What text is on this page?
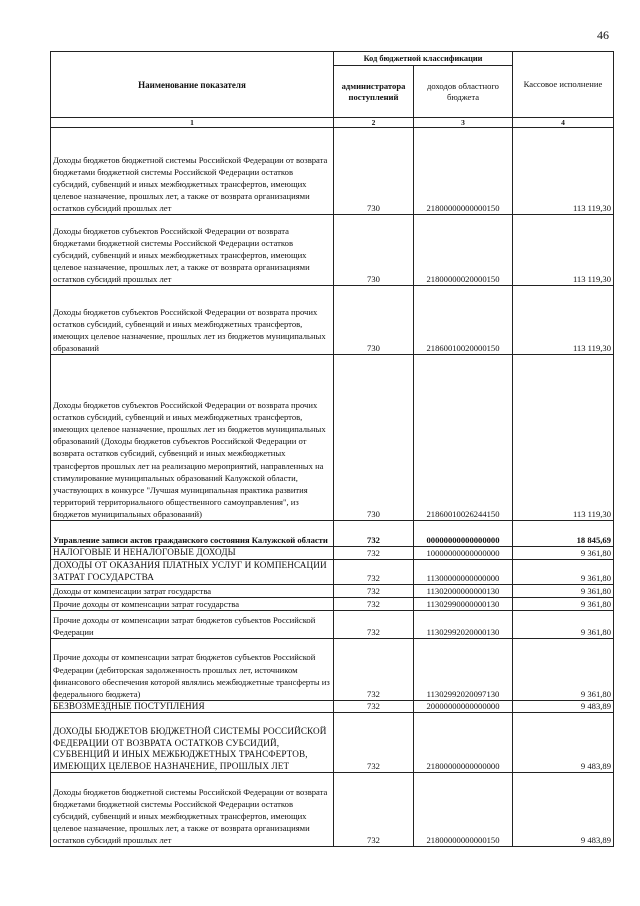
46
Наименование показателя	Код бюджетной классификации		Кассовое исполнение
	администратора поступлений	доходов областного бюджета	
1	2	3	4
Доходы бюджетов бюджетной системы Российской Федерации от возврата бюджетами бюджетной системы Российской Федерации остатков субсидий, субвенций и иных межбюджетных трансфертов, имеющих целевое назначение, прошлых лет, а также от возврата организациями остатков субсидий прошлых лет	730	21800000000000150	113 119,30
Доходы бюджетов субъектов Российской Федерации от возврата бюджетами бюджетной системы Российской Федерации остатков субсидий, субвенций и иных межбюджетных трансфертов, имеющих целевое назначение, прошлых лет, а также от возврата организациями остатков субсидий прошлых лет	730	21800000020000150	113 119,30
Доходы бюджетов субъектов Российской Федерации от возврата прочих остатков субсидий, субвенций и иных межбюджетных трансфертов, имеющих целевое назначение, прошлых лет из бюджетов муниципальных образований	730	21860010020000150	113 119,30
Доходы бюджетов субъектов Российской Федерации от возврата прочих остатков субсидий, субвенций и иных межбюджетных трансфертов, имеющих целевое назначение, прошлых лет из бюджетов муниципальных образований (Доходы бюджетов субъектов Российской Федерации от возврата остатков субсидий, субвенций и иных межбюджетных трансфертов прошлых лет на реализацию мероприятий, направленных на стимулирование муниципальных образований Калужской области, участвующих в конкурсе "Лучшая муниципальная практика развития территорий территориального общественного самоуправления", из бюджетов муниципальных образований)	730	21860010026244150	113 119,30
Управление записи актов гражданского состояния Калужской области	732	00000000000000000	18 845,69
НАЛОГОВЫЕ И НЕНАЛОГОВЫЕ ДОХОДЫ	732	10000000000000000	9 361,80
ДОХОДЫ ОТ ОКАЗАНИЯ ПЛАТНЫХ УСЛУГ И КОМПЕНСАЦИИ ЗАТРАТ ГОСУДАРСТВА	732	11300000000000000	9 361,80
Доходы от компенсации затрат государства	732	11302000000000130	9 361,80
Прочие доходы от компенсации затрат государства	732	11302990000000130	9 361,80
Прочие доходы от компенсации затрат бюджетов субъектов Российской Федерации	732	11302992020000130	9 361,80
Прочие доходы от компенсации затрат бюджетов субъектов Российской Федерации (дебиторская задолженность прошлых лет, источником финансового обеспечения которой являлись межбюджетные трансферты из федерального бюджета)	732	11302992020097130	9 361,80
БЕЗВОЗМЕЗДНЫЕ ПОСТУПЛЕНИЯ	732	20000000000000000	9 483,89
ДОХОДЫ БЮДЖЕТОВ БЮДЖЕТНОЙ СИСТЕМЫ РОССИЙСКОЙ ФЕДЕРАЦИИ ОТ ВОЗВРАТА ОСТАТКОВ СУБСИДИЙ, СУБВЕНЦИЙ И ИНЫХ МЕЖБЮДЖЕТНЫХ ТРАНСФЕРТОВ, ИМЕЮЩИХ ЦЕЛЕВОЕ НАЗНАЧЕНИЕ, ПРОШЛЫХ ЛЕТ	732	21800000000000000	9 483,89
Доходы бюджетов бюджетной системы Российской Федерации от возврата бюджетами бюджетной системы Российской Федерации остатков субсидий, субвенций и иных межбюджетных трансфертов, имеющих целевое назначение, прошлых лет, а также от возврата организациями остатков субсидий прошлых лет	732	21800000000000150	9 483,89
